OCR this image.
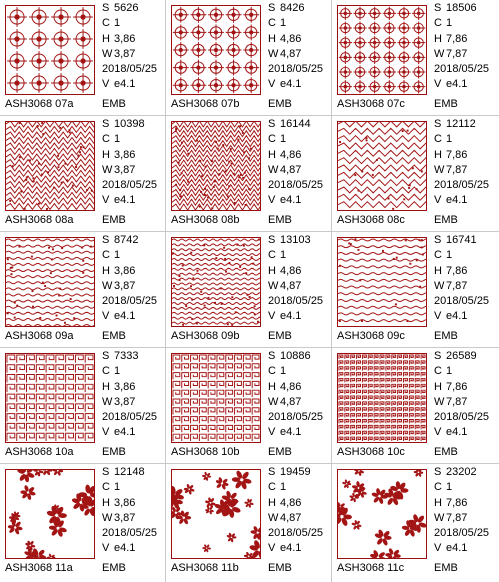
S 5626
C 1
H 3,86
W 3,87
2018/05/25
V e4.1
ASH3068 07a	EMB
S 8426
C 1
H 4,86
W 4,87
2018/05/25
V e4.1
ASH3068 07b	EMB
S 18506
C 1
H 7,86
W 7,87
2018/05/25
V e4.1
ASH3068 07c	EMB
S 10398
C 1
H 3,86
W 3,87
2018/05/25
V e4.1
ASH3068 08a	EMB
S 16144
C 1
H 4,86
W 4,87
2018/05/25
V e4.1
ASH3068 08b	EMB
S 12112
C 1
H 7,86
W 7,87
2018/05/25
V e4.1
ASH3068 08c	EMB
S 8742
C 1
H 3,86
W 3,87
2018/05/25
V e4.1
ASH3068 09a	EMB
S 13103
C 1
H 4,86
W 4,87
2018/05/25
V e4.1
ASH3068 09b	EMB
S 16741
C 1
H 7,86
W 7,87
2018/05/25
V e4.1
ASH3068 09c	EMB
S 7333
C 1
H 3,86
W 3,87
2018/05/25
V e4.1
ASH3068 10a	EMB
S 10886
C 1
H 4,86
W 4,87
2018/05/25
V e4.1
ASH3068 10b	EMB
S 26589
C 1
H 7,86
W 7,87
2018/05/25
V e4.1
ASH3068 10c	EMB
S 12148
C 1
H 3,86
W 3,87
2018/05/25
V e4.1
ASH3068 11a	EMB
S 19459
C 1
H 4,86
W 4,87
2018/05/25
V e4.1
ASH3068 11b	EMB
S 23202
C 1
H 7,86
W 7,87
2018/05/25
V e4.1
ASH3068 11c	EMB
